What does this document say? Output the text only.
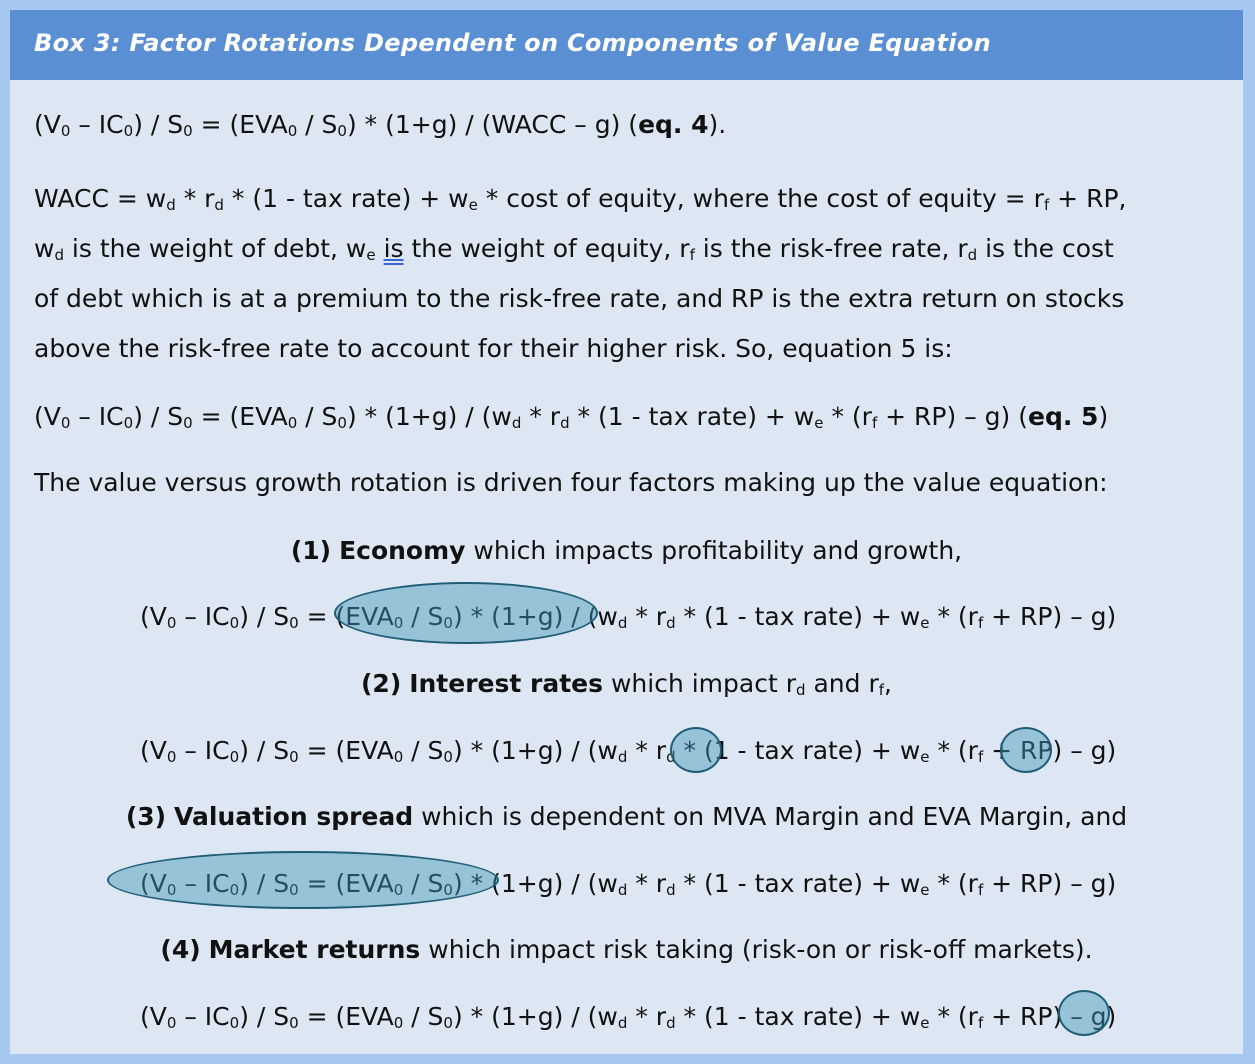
Box 3: Factor Rotations Dependent on Components of Value Equation
$(V_0 - IC_0) / S_0 = (EVA_0 / S_0) * (1+g)$ / (WACC – g) (eq. 4).
WACC = $w_d * r_d * (1$ - tax rate) + $w_e$ * cost of equity, where the cost of equity = $r_f$ + RP,
$w_d$ is the weight of debt, $w_e$ is the weight of equity, $r_f$ is the risk-free rate, $r_d$ is the cost
of debt which is at a premium to the risk-free rate, and RP is the extra return on stocks
above the risk-free rate to account for their higher risk. So, equation 5 is:
$(V_0 - IC_0) / S_0 = (EVA_0 / S_0) * (1+g) / (w_d * r_d * (1$ - tax rate) + $w_e * (r_f + RP) - g$) (eq. 5)
The value versus growth rotation is driven four factors making up the value equation:
(1) Economy which impacts profitability and growth,
$(V_0 - IC_0) / S_0 = (EVA_0 / S_0) * (1+g) / (w_d * r_d * (1$ - tax rate) + $w_e * (r_f + RP) - g$)
(2) Interest rates which impact $r_d$ and $r_f$,
$(V_0 - IC_0) / S_0 = (EVA_0 / S_0) * (1+g) / (w_d * r_d * (1$ - tax rate) + $w_e * (r_f + RP) - g$)
(3) Valuation spread which is dependent on MVA Margin and EVA Margin, and
$(V_0 - IC_0) / S_0 = (EVA_0 / S_0) * (1+g) / (w_d * r_d * (1$ - tax rate) + $w_e * (r_f + RP) - g$)
(4) Market returns which impact risk taking (risk-on or risk-off markets).
$(V_0 - IC_0) / S_0 = (EVA_0 / S_0) * (1+g) / (w_d * r_d * (1$ - tax rate) + $w_e * (r_f + RP) - g$)
